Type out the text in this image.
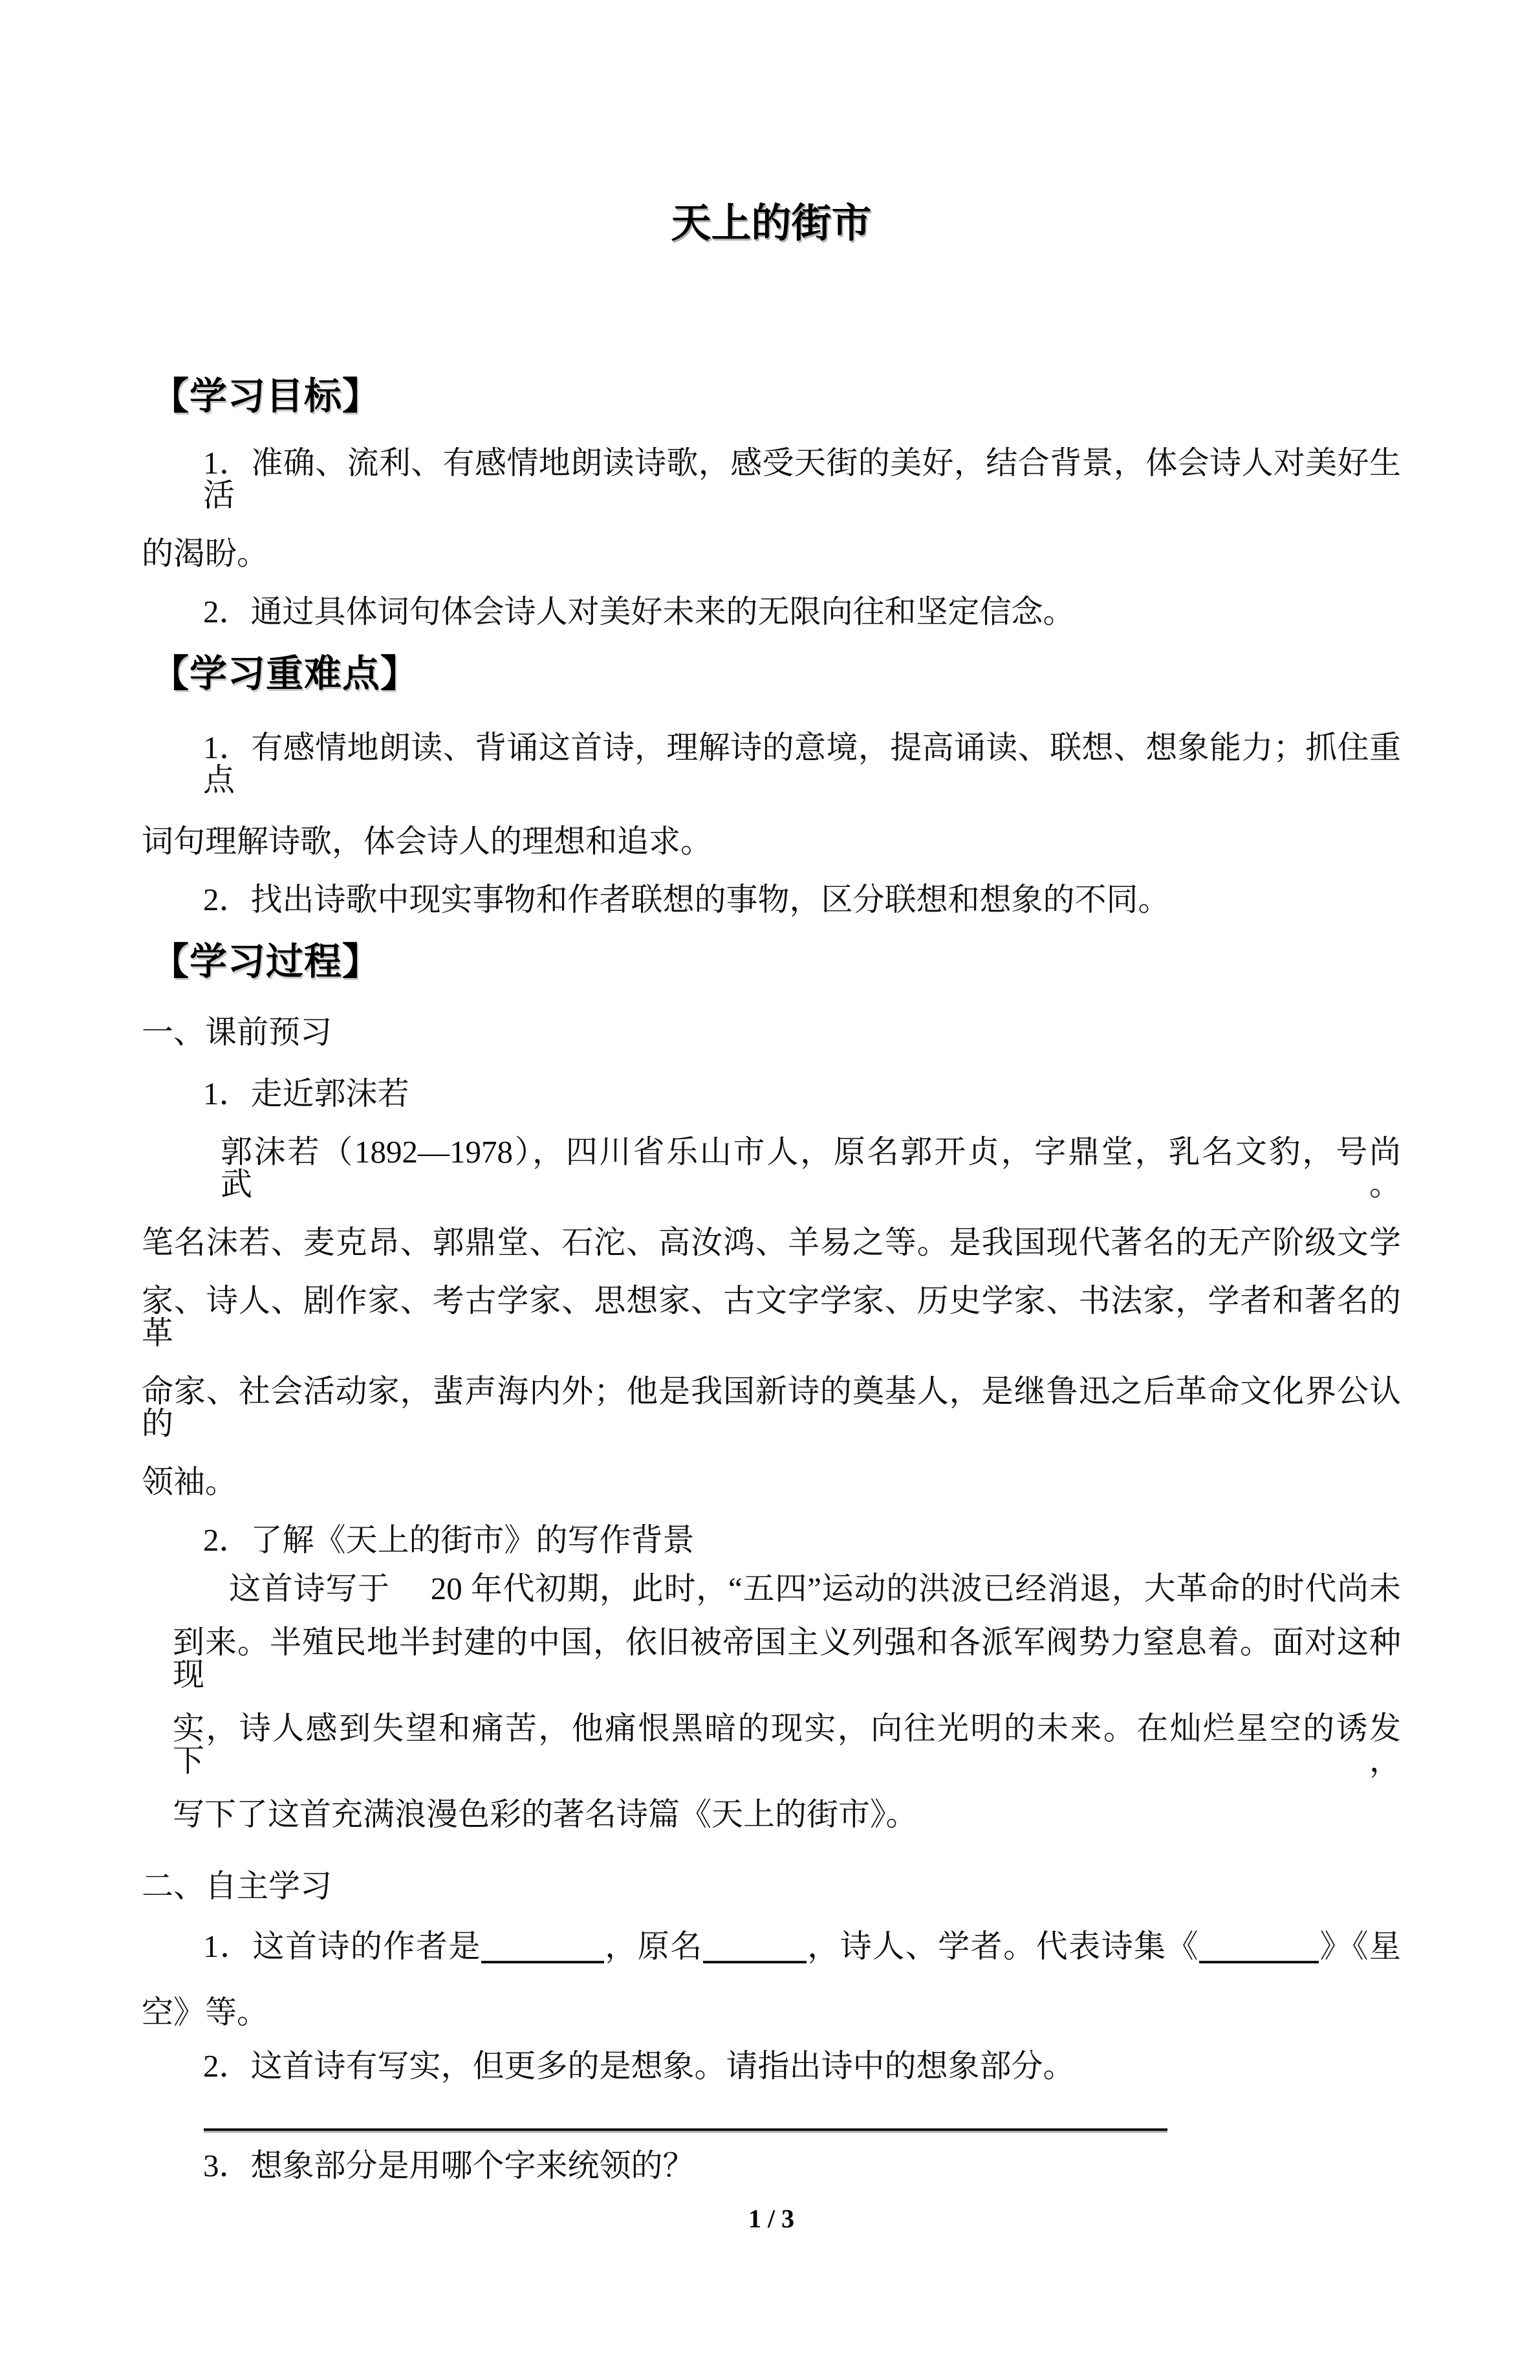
天上的街市
【学习目标】
1．准确、流利、有感情地朗读诗歌，感受天街的美好，结合背景，体会诗人对美好生活
的渴盼。
2．通过具体词句体会诗人对美好未来的无限向往和坚定信念。
【学习重难点】
1．有感情地朗读、背诵这首诗，理解诗的意境，提高诵读、联想、想象能力；抓住重点
词句理解诗歌，体会诗人的理想和追求。
2．找出诗歌中现实事物和作者联想的事物，区分联想和想象的不同。
【学习过程】
一、课前预习
1．走近郭沫若
郭沫若（1892—1978），四川省乐山市人，原名郭开贞，字鼎堂，乳名文豹，号尚武。
笔名沫若、麦克昂、郭鼎堂、石沱、高汝鸿、羊易之等。是我国现代著名的无产阶级文学
家、诗人、剧作家、考古学家、思想家、古文字学家、历史学家、书法家，学者和著名的革
命家、社会活动家，蜚声海内外；他是我国新诗的奠基人，是继鲁迅之后革命文化界公认的
领袖。
2．了解《天上的街市》的写作背景
这首诗写于　 20 年代初期，此时，“五四”运动的洪波已经消退，大革命的时代尚未
到来。半殖民地半封建的中国，依旧被帝国主义列强和各派军阀势力窒息着。面对这种现
实，诗人感到失望和痛苦，他痛恨黑暗的现实，向往光明的未来。在灿烂星空的诱发下，
写下了这首充满浪漫色彩的著名诗篇《天上的街市》。
二、自主学习
1．这首诗的作者是	，原名	，诗人、学者。代表诗集《	》《星
空》等。
2．这首诗有写实，但更多的是想象。请指出诗中的想象部分。
3．想象部分是用哪个字来统领的？
1 / 3
